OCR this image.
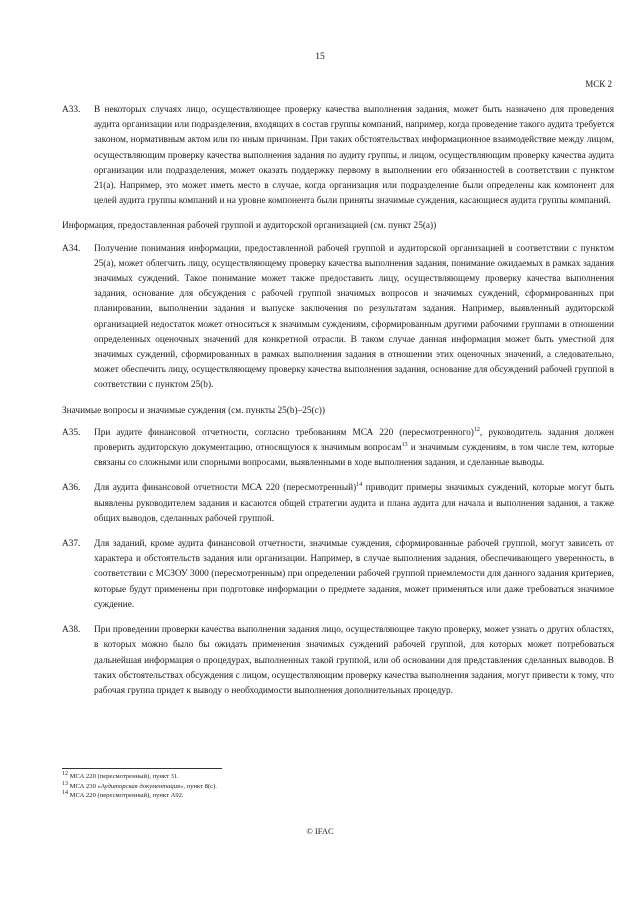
15
МСК 2
A33. В некоторых случаях лицо, осуществляющее проверку качества выполнения задания, может быть назначено для проведения аудита организации или подразделения, входящих в состав группы компаний, например, когда проведение такого аудита требуется законом, нормативным актом или по иным причинам. При таких обстоятельствах информационное взаимодействие между лицом, осуществляющим проверку качества выполнения задания по аудиту группы, и лицом, осуществляющим проверку качества аудита организации или подразделения, может оказать поддержку первому в выполнении его обязанностей в соответствии с пунктом 21(a). Например, это может иметь место в случае, когда организация или подразделение были определены как компонент для целей аудита группы компаний и на уровне компонента были приняты значимые суждения, касающиеся аудита группы компаний.
Информация, предоставленная рабочей группой и аудиторской организацией (см. пункт 25(a))
A34. Получение понимания информации, предоставленной рабочей группой и аудиторской организацией в соответствии с пунктом 25(a), может облегчить лицу, осуществляющему проверку качества выполнения задания, понимание ожидаемых в рамках задания значимых суждений. Такое понимание может также предоставить лицу, осуществляющему проверку качества выполнения задания, основание для обсуждения с рабочей группой значимых вопросов и значимых суждений, сформированных при планировании, выполнении задания и выпуске заключения по результатам задания. Например, выявленный аудиторской организацией недостаток может относиться к значимым суждениям, сформированным другими рабочими группами в отношении определенных оценочных значений для конкретной отрасли. В таком случае данная информация может быть уместной для значимых суждений, сформированных в рамках выполнения задания в отношении этих оценочных значений, а следовательно, может обеспечить лицу, осуществляющему проверку качества выполнения задания, основание для обсуждений рабочей группой в соответствии с пунктом 25(b).
Значимые вопросы и значимые суждения (см. пункты 25(b)–25(c))
A35. При аудите финансовой отчетности, согласно требованиям МСА 220 (пересмотренного)$^{12}$, руководитель задания должен проверить аудиторскую документацию, относящуюся к значимым вопросам$^{13}$ и значимым суждениям, в том числе тем, которые связаны со сложными или спорными вопросами, выявленными в ходе выполнения задания, и сделанные выводы.
A36. Для аудита финансовой отчетности МСА 220 (пересмотренный)$^{14}$ приводит примеры значимых суждений, которые могут быть выявлены руководителем задания и касаются общей стратегии аудита и плана аудита для начала и выполнения задания, а также общих выводов, сделанных рабочей группой.
A37. Для заданий, кроме аудита финансовой отчетности, значимые суждения, сформированные рабочей группой, могут зависеть от характера и обстоятельств задания или организации. Например, в случае выполнения задания, обеспечивающего уверенность, в соответствии с МСЗОУ 3000 (пересмотренным) при определении рабочей группой приемлемости для данного задания критериев, которые будут применены при подготовке информации о предмете задания, может применяться или даже требоваться значимое суждение.
A38. При проведении проверки качества выполнения задания лицо, осуществляющее такую проверку, может узнать о других областях, в которых можно было бы ожидать применения значимых суждений рабочей группой, для которых может потребоваться дальнейшая информация о процедурах, выполненных такой группой, или об основании для представления сделанных выводов. В таких обстоятельствах обсуждения с лицом, осуществляющим проверку качества выполнения задания, могут привести к тому, что рабочая группа придет к выводу о необходимости выполнения дополнительных процедур.
$^{12}$ МСА 220 (пересмотренный), пункт 31.
$^{13}$ МСА 230 «Аудиторская документация», пункт 8(c).
$^{14}$ МСА 220 (пересмотренный), пункт A92.
© IFAC
